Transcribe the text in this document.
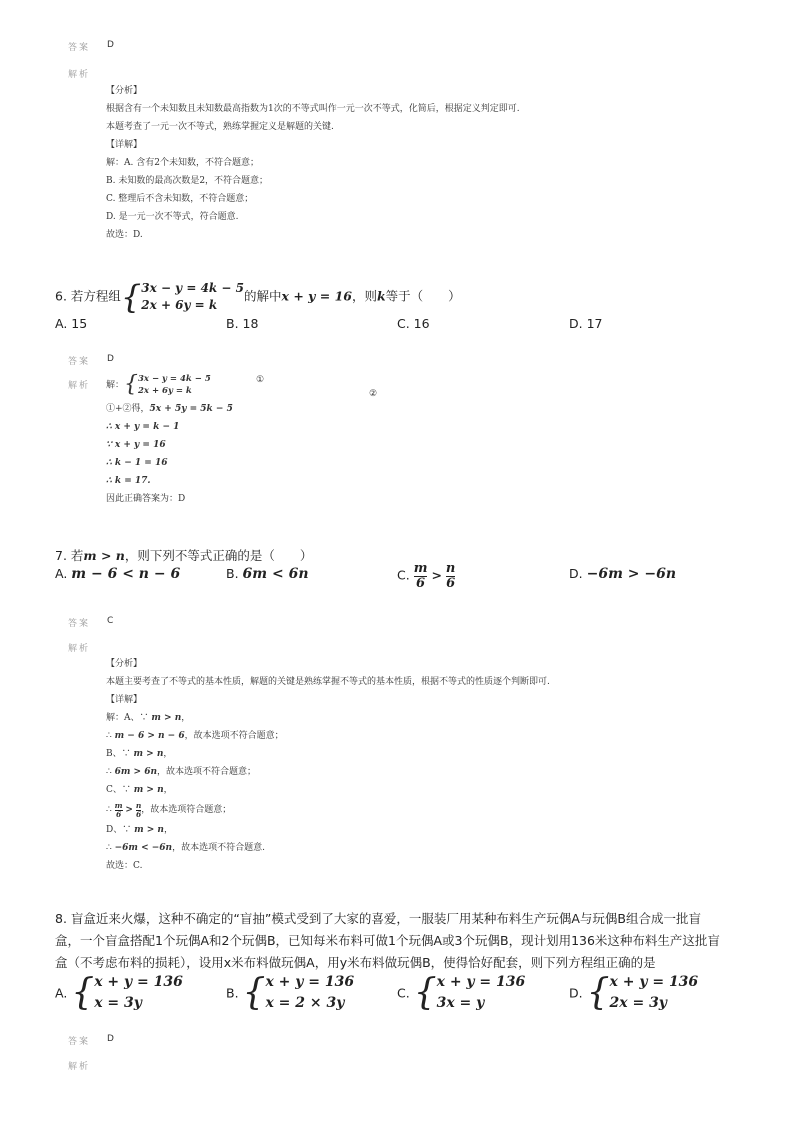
答案 D
解析
【分析】
根据含有一个未知数且未知数最高指数为1次的不等式叫作一元一次不等式，化简后，根据定义判定即可.
本题考查了一元一次不等式，熟练掌握定义是解题的关键.
【详解】
解：A. 含有2个未知数，不符合题意；
B. 未知数的最高次数是2，不符合题意；
C. 整理后不含未知数，不符合题意；
D. 是一元一次不等式，符合题意.
故选：D.
6. 若方程组 { 3x − y = 4k − 5
2x + 6y = k
的解中x + y = 16，则k等于（　　）
A. 15	B. 18	C. 16	D. 17
答案 D
解析 解： { 3x − y = 4k − 5
2x + 6y = k
①
②
①+②得，5x + 5y = 5k − 5
∴ x + y = k − 1
∵ x + y = 16
∴ k − 1 = 16
∴ k = 17.
因此正确答案为：D
7. 若m > n，则下列不等式正确的是（　　）
A. m − 6 < n − 6	B. 6m < 6n	C. $\frac{m}{6} > \frac{n}{6}$	D. −6m > −6n
答案 C
解析
【分析】
本题主要考查了不等式的基本性质，解题的关键是熟练掌握不等式的基本性质，根据不等式的性质逐个判断即可.
【详解】
解：A、∵ m > n，
∴ m − 6 > n − 6，故本选项不符合题意；
B、∵ m > n，
∴ 6m > 6n，故本选项不符合题意；
C、∵ m > n，
∴
$\frac{m}{6}$
>
$\frac{n}{6}$ ，故本选项符合题意；
D、∵ m > n，
∴ −6m < −6n，故本选项不符合题意.
故选：C.
8. 盲盒近来火爆，这种不确定的“盲抽”模式受到了大家的喜爱，一服装厂用某种布料生产玩偶A与玩偶B组合成一批盲
盒，一个盲盒搭配1个玩偶A和2个玩偶B，已知每米布料可做1个玩偶A或3个玩偶B，现计划用136米这种布料生产这批盲
盒（不考虑布料的损耗），设用x米布料做玩偶A，用y米布料做玩偶B，使得恰好配套，则下列方程组正确的是
A. { x + y = 136
x = 3y
B. { x + y = 136
x = 2 × 3y
C. { x + y = 136
3x = y
D. { x + y = 136
2x = 3y
答案 D
解析
